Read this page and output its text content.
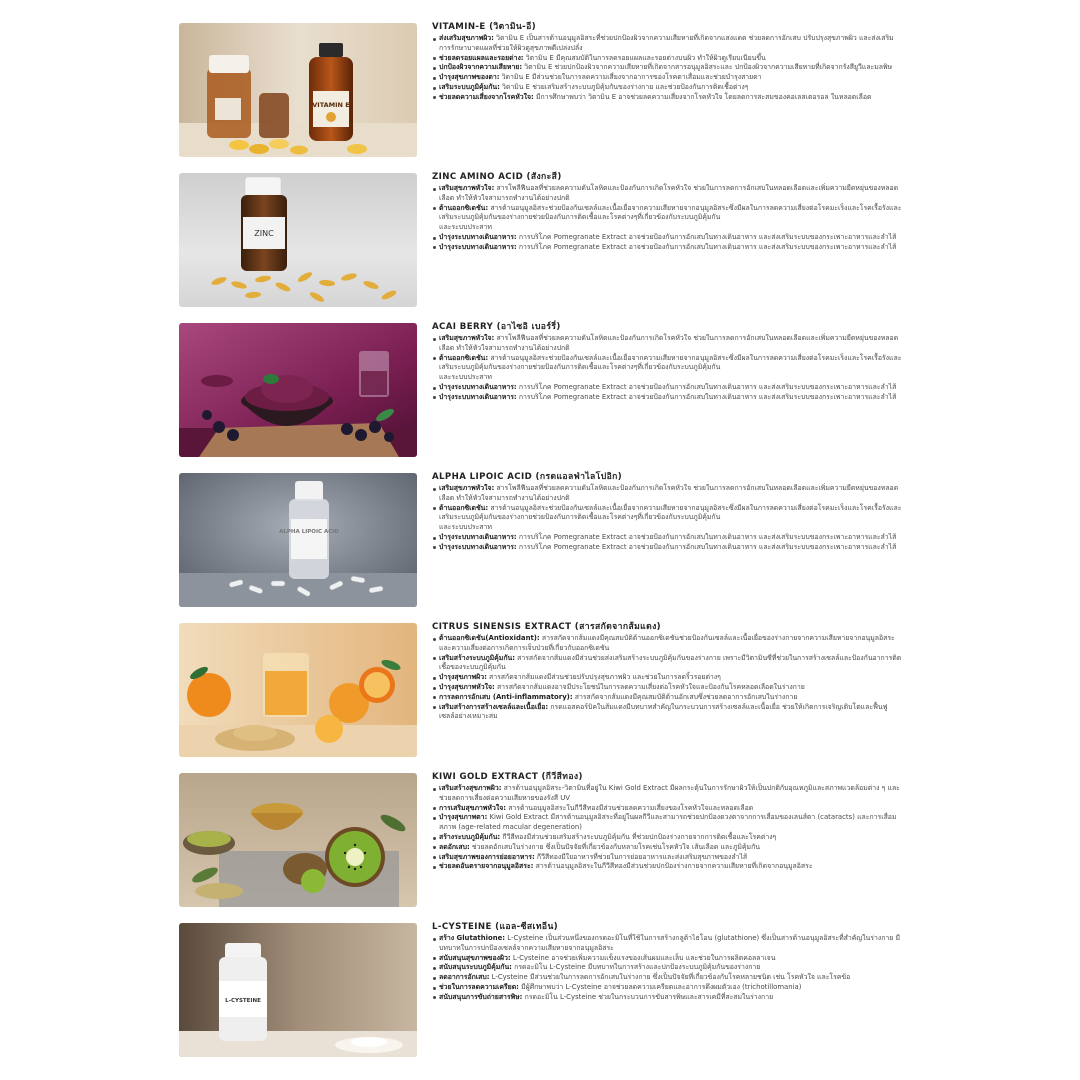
VITAMIN E
VITAMIN-E (วิตามิน-อี)
ส่งเสริมสุขภาพผิว: วิตามิน E เป็นสารต้านอนุมูลอิสระที่ช่วยปกป้องผิวจากความเสียหายที่เกิดจากแสงแดด ช่วยลดการอักเสบ ปรับปรุงสุขภาพผิว และส่งเสริมการรักษาบาดแผลที่ช่วยให้ผิวดูสุขภาพดีเปล่งปลั่ง
ช่วยลดรอยแผลและรอยด่าง: วิตามิน E มีคุณสมบัติในการลดรอยแผลและรอยด่างบนผิว ทำให้ผิวดูเรียบเนียนขึ้น
ปกป้องผิวจากความเสียหาย: วิตามิน E ช่วยปกป้องผิวจากความเสียหายที่เกิดจากสารอนุมูลอิสระและ ปกป้องผิวจากความเสียหายที่เกิดจากรังสียูวีและมลพิษ
บำรุงสุขภาพของตา: วิตามิน E มีส่วนช่วยในการลดความเสี่ยงจากอาการของโรคตาเสื่อมและช่วยบำรุงสายตา
เสริมระบบภูมิคุ้มกัน: วิตามิน E ช่วยเสริมสร้างระบบภูมิคุ้มกันของร่างกาย และช่วยป้องกันการติดเชื้อต่างๆ
ช่วยลดความเสี่ยงจากโรคหัวใจ: มีการศึกษาพบว่า วิตามิน E อาจช่วยลดความเสี่ยงจากโรคหัวใจ โดยลดการสะสมของคอเลสเตอรอล ในหลอดเลือด
ZINC
ZINC AMINO ACID (สังกะสี)
เสริมสุขภาพหัวใจ: สารโพลีฟีนอลที่ช่วยลดความดันโลหิตและป้องกันการเกิดโรคหัวใจ ช่วยในการลดการอักเสบในหลอดเลือดและเพิ่มความยืดหยุ่นของหลอดเลือด ทำให้หัวใจสามารถทำงานได้อย่างปกติ
ต้านออกซิเดชัน: สารต้านอนุมูลอิสระช่วยป้องกันเซลล์และเนื้อเยื่อจากความเสียหายจากอนุมูลอิสระซึ่งมีผลในการลดความเสี่ยงต่อโรคมะเร็งและโรคเรื้อรังและเสริมระบบภูมิคุ้มกันของร่างกายช่วยป้องกันการติดเชื้อและโรคต่างๆที่เกี่ยวข้องกับระบบภูมิคุ้มกัน
และระบบประสาท
บำรุงระบบทางเดินอาหาร: การบริโภค Pomegranate Extract อาจช่วยป้องกันการอักเสบในทางเดินอาหาร และส่งเสริมระบบของกระเพาะอาหารและลำไส้
บำรุงระบบทางเดินอาหาร: การบริโภค Pomegranate Extract อาจช่วยป้องกันการอักเสบในทางเดินอาหาร และส่งเสริมระบบของกระเพาะอาหารและลำไส้
ACAI BERRY (อาไซอิ เบอร์รี่)
เสริมสุขภาพหัวใจ: สารโพลีฟีนอลที่ช่วยลดความดันโลหิตและป้องกันการเกิดโรคหัวใจ ช่วยในการลดการอักเสบในหลอดเลือดและเพิ่มความยืดหยุ่นของหลอดเลือด ทำให้หัวใจสามารถทำงานได้อย่างปกติ
ต้านออกซิเดชัน: สารต้านอนุมูลอิสระช่วยป้องกันเซลล์และเนื้อเยื่อจากความเสียหายจากอนุมูลอิสระซึ่งมีผลในการลดความเสี่ยงต่อโรคมะเร็งและโรคเรื้อรังและเสริมระบบภูมิคุ้มกันของร่างกายช่วยป้องกันการติดเชื้อและโรคต่างๆที่เกี่ยวข้องกับระบบภูมิคุ้มกัน
และระบบประสาท
บำรุงระบบทางเดินอาหาร: การบริโภค Pomegranate Extract อาจช่วยป้องกันการอักเสบในทางเดินอาหาร และส่งเสริมระบบของกระเพาะอาหารและลำไส้
บำรุงระบบทางเดินอาหาร: การบริโภค Pomegranate Extract อาจช่วยป้องกันการอักเสบในทางเดินอาหาร และส่งเสริมระบบของกระเพาะอาหารและลำไส้
ALPHA LIPOIC ACID
ALPHA LIPOIC ACID (กรดแอลฟ่าไลโปอิก)
เสริมสุขภาพหัวใจ: สารโพลีฟีนอลที่ช่วยลดความดันโลหิตและป้องกันการเกิดโรคหัวใจ ช่วยในการลดการอักเสบในหลอดเลือดและเพิ่มความยืดหยุ่นของหลอดเลือด ทำให้หัวใจสามารถทำงานได้อย่างปกติ
ต้านออกซิเดชัน: สารต้านอนุมูลอิสระช่วยป้องกันเซลล์และเนื้อเยื่อจากความเสียหายจากอนุมูลอิสระซึ่งมีผลในการลดความเสี่ยงต่อโรคมะเร็งและโรคเรื้อรังและเสริมระบบภูมิคุ้มกันของร่างกายช่วยป้องกันการติดเชื้อและโรคต่างๆที่เกี่ยวข้องกับระบบภูมิคุ้มกัน
และระบบประสาท
บำรุงระบบทางเดินอาหาร: การบริโภค Pomegranate Extract อาจช่วยป้องกันการอักเสบในทางเดินอาหาร และส่งเสริมระบบของกระเพาะอาหารและลำไส้
บำรุงระบบทางเดินอาหาร: การบริโภค Pomegranate Extract อาจช่วยป้องกันการอักเสบในทางเดินอาหาร และส่งเสริมระบบของกระเพาะอาหารและลำไส้
CITRUS SINENSIS EXTRACT (สารสกัดจากส้มแดง)
ต้านออกซิเดชัน(Antioxidant): สารสกัดจากส้มแดงมีคุณสมบัติต้านออกซิเดชันช่วยป้องกันเซลล์และเนื้อเยื่อของร่างกายจากความเสียหายจากอนุมูลอิสระและความเสี่ยงต่อการเกิดการเจ็บป่วยที่เกี่ยวกับออกซิเดชัน
เสริมสร้างระบบภูมิคุ้มกัน: สารสกัดจากส้มแดงมีส่วนช่วยส่งเสริมสร้างระบบภูมิคุ้มกันของร่างกาย เพราะมีวิตามินซีที่ช่วยในการสร้างเซลล์และป้องกันอาการติดเชื้อของระบบภูมิคุ้มกัน
บำรุงสุขภาพผิว: สารสกัดจากส้มแดงมีส่วนช่วยปรับปรุงสุขภาพผิว และช่วยในการลดริ้วรอยต่างๆ
บำรุงสุขภาพหัวใจ: สารสกัดจากส้มแดงอาจมีประโยชน์ในการลดความเสี่ยงต่อโรคหัวใจและป้องกันโรคหลอดเลือดในร่างกาย
การลดการอักเสบ (Anti-inflammatory): สารสกัดจากส้มแดงมีคุณสมบัติต้านอักเสบซึ่งช่วยลดอาการอักเสบในร่างกาย
เสริมสร้างการสร้างเซลล์และเนื้อเยื่อ: กรดแอสคอร์บิคในส้มแดงมีบทบาทสำคัญในกระบวนการสร้างเซลล์และเนื้อเยื่อ ช่วยให้เกิดการเจริญเติบโตและฟื้นฟูเซลล์อย่างเหมาะสม
KIWI GOLD EXTRACT (กีวีสีทอง)
เสริมสร้างสุขภาพผิว: สารต้านอนุมูลอิสระ-วิตามินที่อยู่ใน Kiwi Gold Extract มีผลกระตุ้นในการรักษาผิวให้เป็นปกติกับอุณหภูมิและสภาพแวดล้อมต่าง ๆ และช่วยลดการเสี่ยงต่อความเสียหายของรังสี UV
การเสริมสุขภาพหัวใจ: สารต้านอนุมูลอิสระในกีวีสีทองมีส่วนช่วยลดความเสี่ยงของโรคหัวใจและหลอดเลือด
บำรุงสุขภาพตา: Kiwi Gold Extract มีสารต้านอนุมูลอิสระที่อยู่ในผลกีวีและสามารถช่วยปกป้องดวงตาจากการเสื่อมของเลนส์ตา (cataracts) และการเสื่อมสภาพ (age-related macular degeneration)
สร้างระบบภูมิคุ้มกัน: กีวีสีทองมีส่วนช่วยเสริมสร้างระบบภูมิคุ้มกัน ที่ช่วยปกป้องร่างกายจากการติดเชื้อและโรคต่างๆ
ลดอักเสบ: ช่วยลดอักเสบในร่างกาย ซึ่งเป็นปัจจัยที่เกี่ยวข้องกับหลายโรคเช่นโรคหัวใจ เส้นเลือด และภูมิคุ้มกัน
เสริมสุขภาพของการย่อยอาหาร: กีวีสีทองมีใยอาหารที่ช่วยในการย่อยอาหารและส่งเสริมสุขภาพของลำไส้
ช่วยลดอันตรายจากอนุมูลอิสระ: สารต้านอนุมูลอิสระในกีวีสีทองมีส่วนช่วยปกป้องร่างกายจากความเสียหายที่เกิดจากอนุมูลอิสระ
L-CYSTEINE
L-CYSTEINE (แอล-ซีสเทอีน)
สร้าง Glutathione: L-Cysteine เป็นส่วนหนึ่งของกรดอะมิโนที่ใช้ในการสร้างกลูต้าไธโอน (glutathione) ซึ่งเป็นสารต้านอนุมูลอิสระที่สำคัญในร่างกาย มีบทบาทในการปกป้องเซลล์จากความเสียหายจากอนุมูลอิสระ
สนับสนุนสุขภาพของผิว: L-Cysteine อาจช่วยเพิ่มความแข็งแรงของเส้นผมและเล็บ และช่วยในการผลิตคอลลาเจน
สนับสนุนระบบภูมิคุ้มกัน: กรดอะมิโน L-Cysteine มีบทบาทในการสร้างและปกป้องระบบภูมิคุ้มกันของร่างกาย
ลดอาการอักเสบ: L-Cysteine มีส่วนช่วยในการลดการอักเสบในร่างกาย ซึ่งเป็นปัจจัยที่เกี่ยวข้องกับโรคหลายชนิด เช่น โรคหัวใจ และโรคข้อ
ช่วยในการลดความเครียด: มีผู้ศึกษาพบว่า L-Cysteine อาจช่วยลดความเครียดและอาการดึงผมตัวเอง (trichotillomania)
สนับสนุนการขับถ่ายสารพิษ: กรดอะมิโน L-Cysteine ช่วยในกระบวนการขับสารพิษและสารเคมีที่สะสมในร่างกาย
